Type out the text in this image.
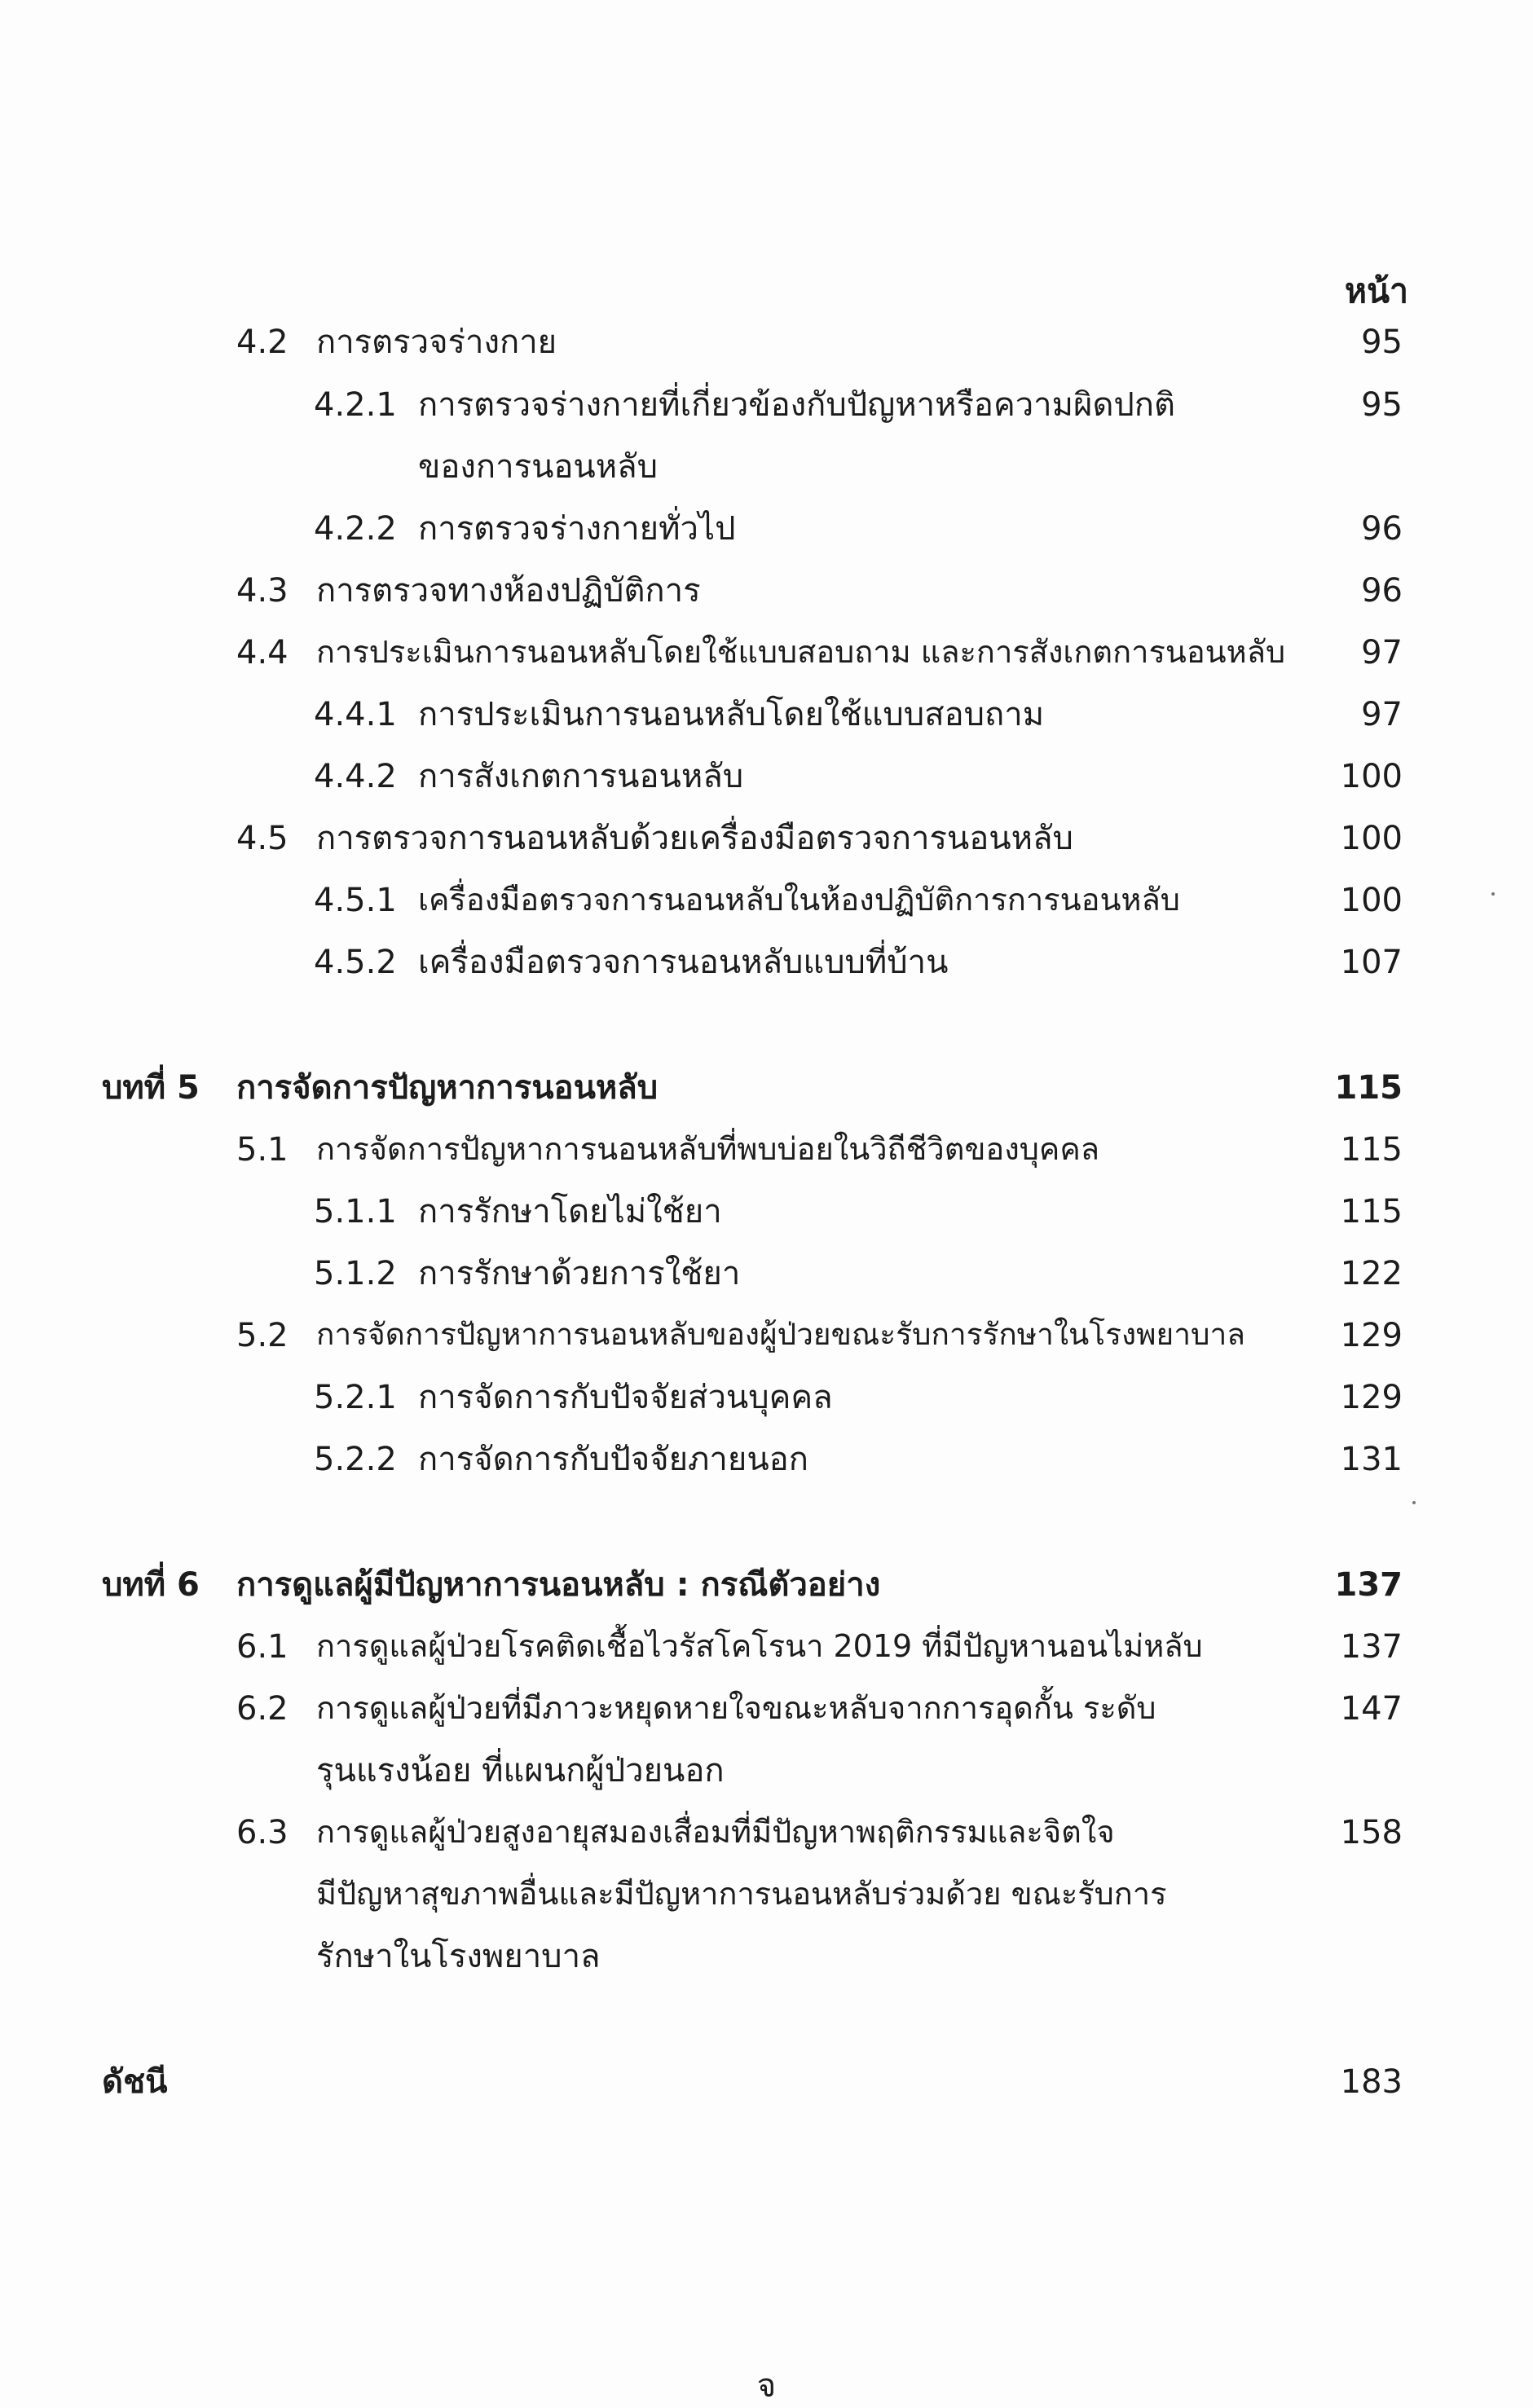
หน้า
4.2 การตรวจร่างกาย	95
4.2.1 การตรวจร่างกายที่เกี่ยวข้องกับปัญหาหรือความผิดปกติ	95
ของการนอนหลับ
4.2.2 การตรวจร่างกายทั่วไป	96
4.3 การตรวจทางห้องปฏิบัติการ	96
4.4 การประเมินการนอนหลับโดยใช้แบบสอบถาม และการสังเกตการนอนหลับ 97
4.4.1 การประเมินการนอนหลับโดยใช้แบบสอบถาม	97
4.4.2 การสังเกตการนอนหลับ	100
4.5 การตรวจการนอนหลับด้วยเครื่องมือตรวจการนอนหลับ	100
4.5.1 เครื่องมือตรวจการนอนหลับในห้องปฏิบัติการการนอนหลับ	100
4.5.2 เครื่องมือตรวจการนอนหลับแบบที่บ้าน	107
บทที่ 5 การจัดการปัญหาการนอนหลับ	115
5.1 การจัดการปัญหาการนอนหลับที่พบบ่อยในวิถีชีวิตของบุคคล	115
5.1.1 การรักษาโดยไม่ใช้ยา	115
5.1.2 การรักษาด้วยการใช้ยา	122
5.2 การจัดการปัญหาการนอนหลับของผู้ป่วยขณะรับการรักษาในโรงพยาบาล	129
5.2.1 การจัดการกับปัจจัยส่วนบุคคล	129
5.2.2 การจัดการกับปัจจัยภายนอก	131
บทที่ 6 การดูแลผู้มีปัญหาการนอนหลับ : กรณีตัวอย่าง	137
6.1 การดูแลผู้ป่วยโรคติดเชื้อไวรัสโคโรนา 2019 ที่มีปัญหานอนไม่หลับ	137
6.2 การดูแลผู้ป่วยที่มีภาวะหยุดหายใจขณะหลับจากการอุดกั้น ระดับ	147
รุนแรงน้อย ที่แผนกผู้ป่วยนอก
6.3 การดูแลผู้ป่วยสูงอายุสมองเสื่อมที่มีปัญหาพฤติกรรมและจิตใจ	158
มีปัญหาสุขภาพอื่นและมีปัญหาการนอนหลับร่วมด้วย ขณะรับการ
รักษาในโรงพยาบาล
ดัชนี	183
จ
